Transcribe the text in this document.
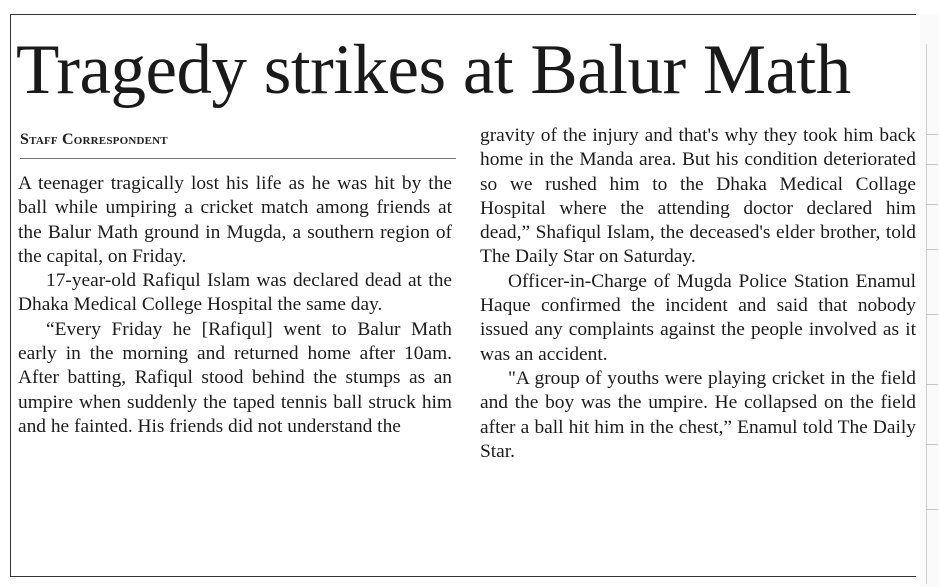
Tragedy strikes at Balur Math
Staff Correspondent

A teenager tragically lost his life as he was hit by the ball while umpiring a cricket match among friends at the Balur Math ground in Mugda, a southern region of the capital, on Friday.

17-year-old Rafiqul Islam was declared dead at the Dhaka Medical College Hospital the same day.

“Every Friday he [Rafiqul] went to Balur Math early in the morning and returned home after 10am. After batting, Rafiqul stood behind the stumps as an umpire when suddenly the taped tennis ball struck him and he fainted. His friends did not understand the

gravity of the injury and that's why they took him back home in the Manda area. But his condition deteriorated so we rushed him to the Dhaka Medical Collage Hospital where the attending doctor declared him dead,” Shafiqul Islam, the deceased's elder brother, told The Daily Star on Saturday.

Officer-in-Charge of Mugda Police Station Enamul Haque confirmed the incident and said that nobody issued any complaints against the people involved as it was an accident.

"A group of youths were playing cricket in the field and the boy was the umpire. He collapsed on the field after a ball hit him in the chest,” Enamul told The Daily Star.
